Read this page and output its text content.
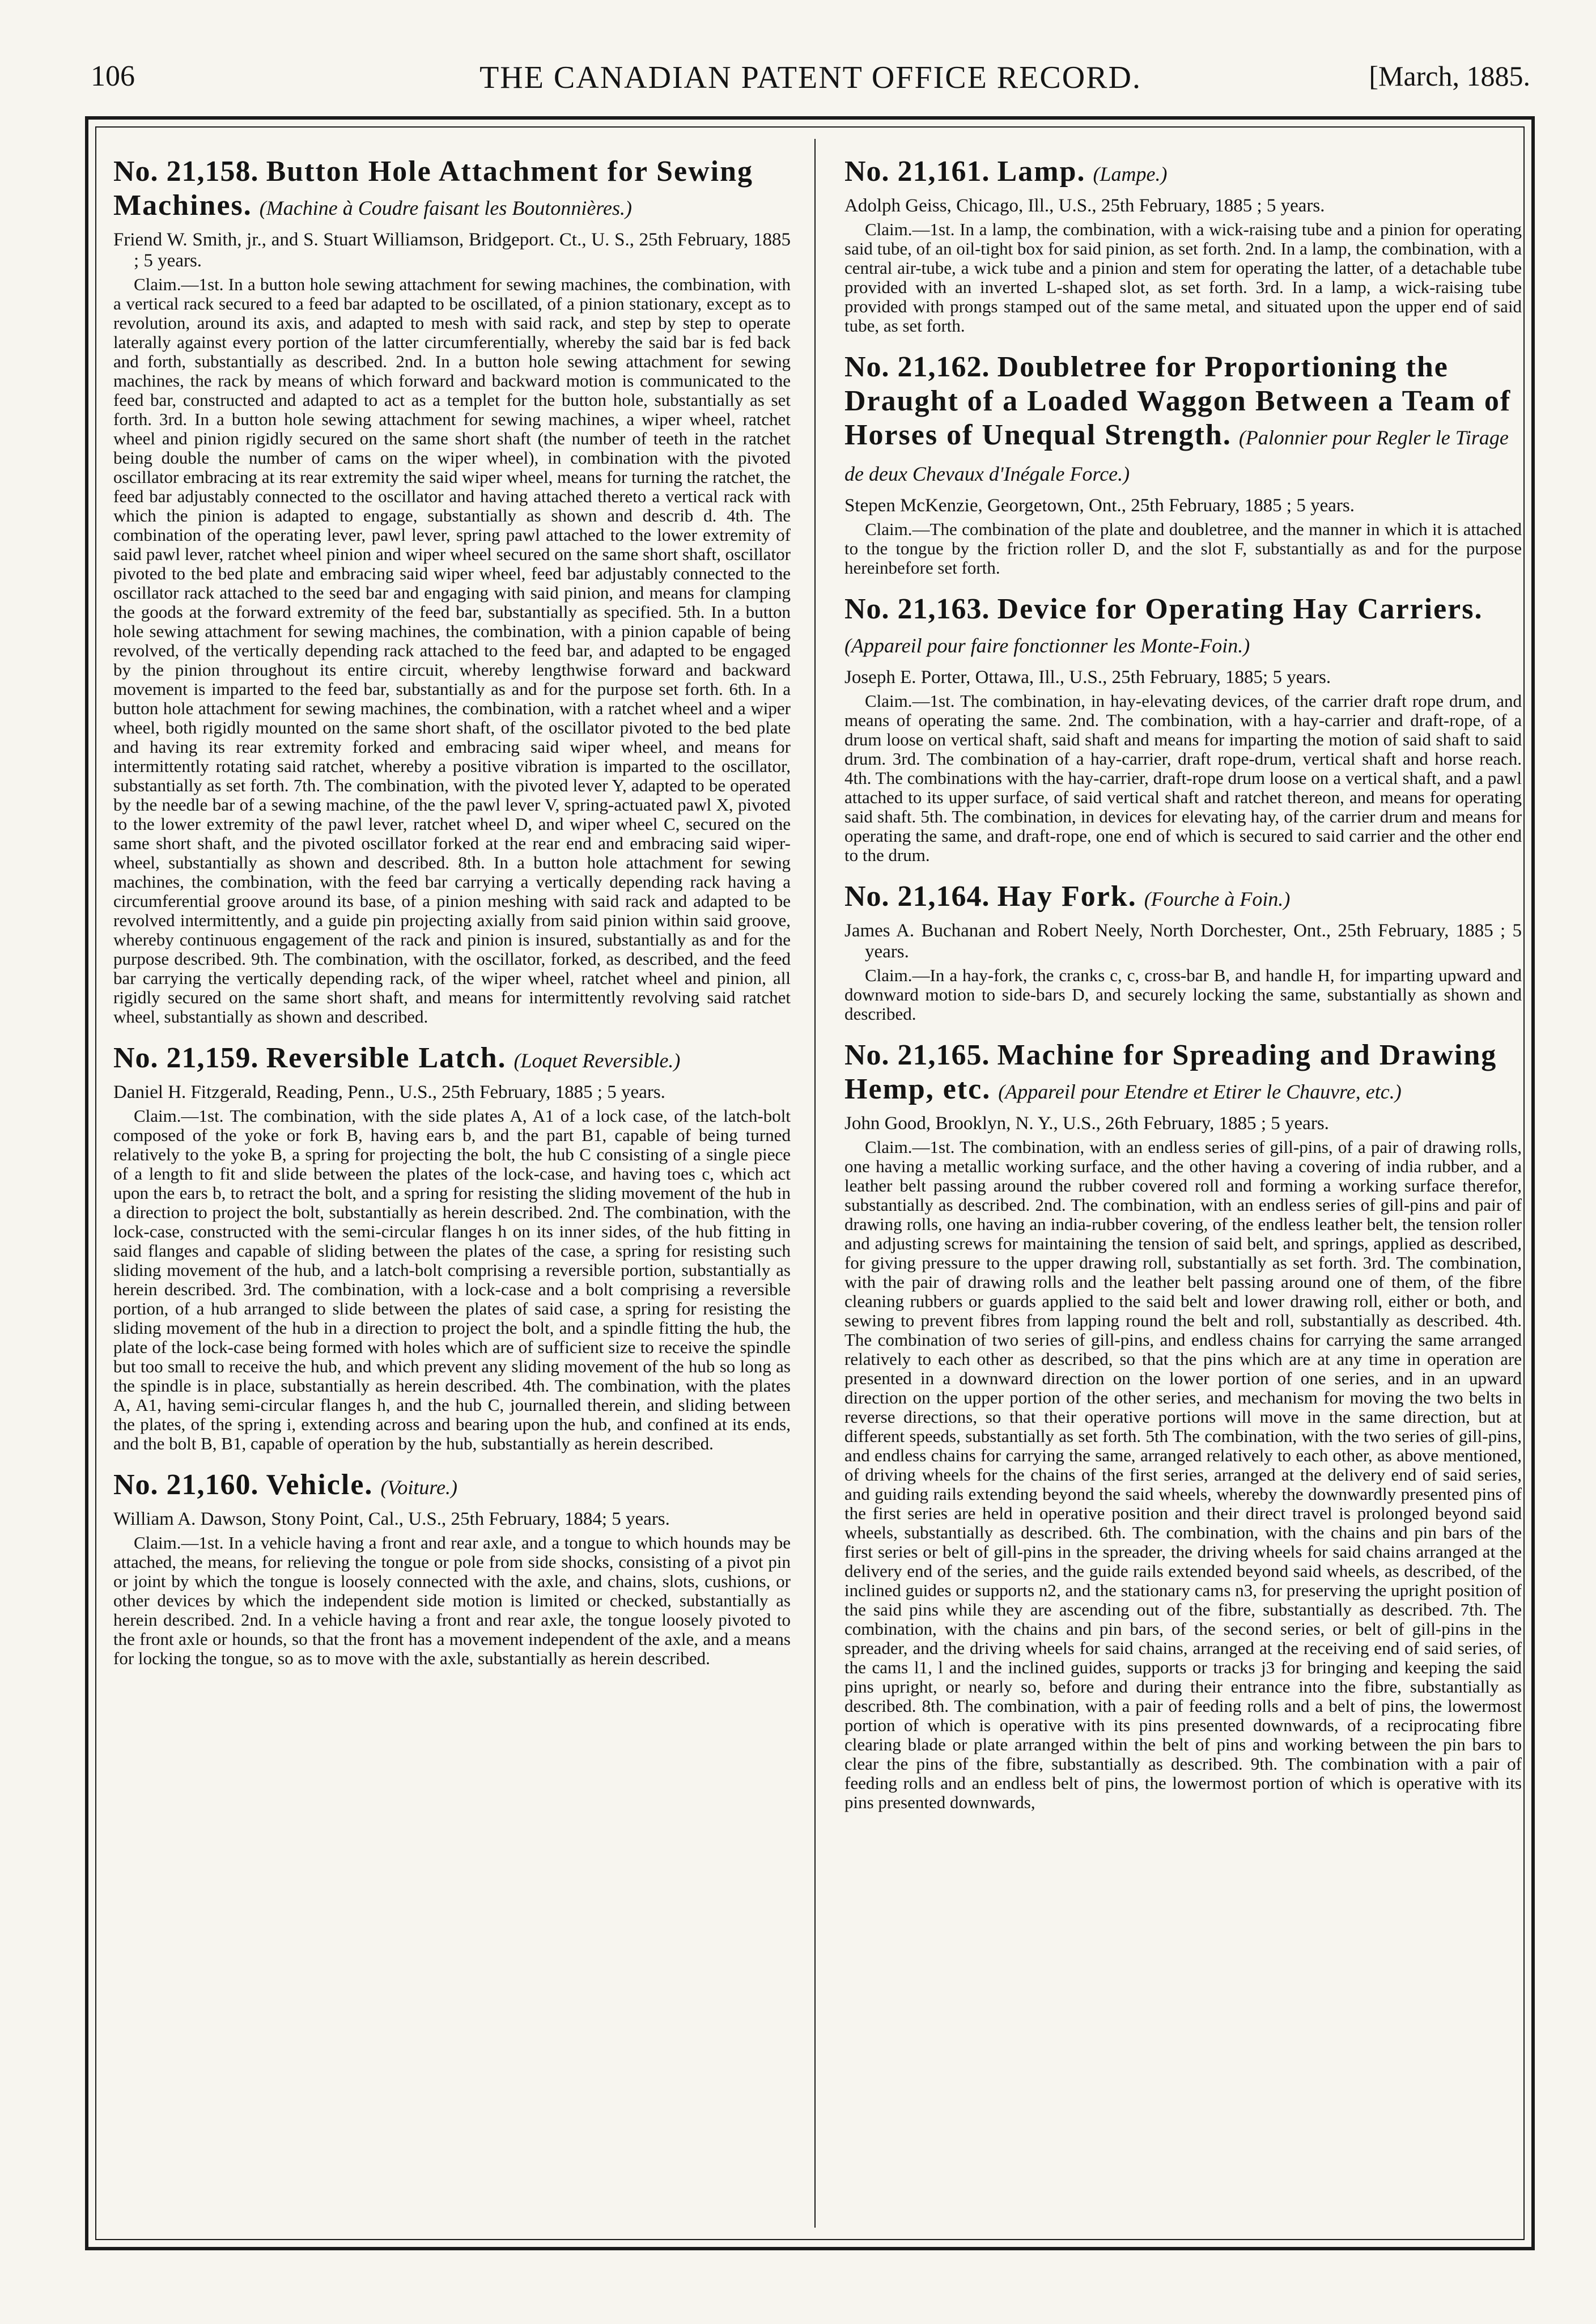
106	THE CANADIAN PATENT OFFICE RECORD.	[March, 1885.
No. 21,158. Button Hole Attachment for Sewing Machines. (Machine à Coudre faisant les Boutonnières.)

Friend W. Smith, jr., and S. Stuart Williamson, Bridgeport. Ct., U. S., 25th February, 1885 ; 5 years.

Claim.—1st. In a button hole sewing attachment for sewing machines, the combination, with a vertical rack secured to a feed bar adapted to be oscillated, of a pinion stationary, except as to revolution, around its axis, and adapted to mesh with said rack, and step by step to operate laterally against every portion of the latter circumferentially, whereby the said bar is fed back and forth, substantially as described. 2nd. In a button hole sewing attachment for sewing machines, the rack by means of which forward and backward motion is communicated to the feed bar, constructed and adapted to act as a templet for the button hole, substantially as set forth. 3rd. In a button hole sewing attachment for sewing machines, a wiper wheel, ratchet wheel and pinion rigidly secured on the same short shaft (the number of teeth in the ratchet being double the number of cams on the wiper wheel), in combination with the pivoted oscillator embracing at its rear extremity the said wiper wheel, means for turning the ratchet, the feed bar adjustably connected to the oscillator and having attached thereto a vertical rack with which the pinion is adapted to engage, substantially as shown and describ d. 4th. The combination of the operating lever, pawl lever, spring pawl attached to the lower extremity of said pawl lever, ratchet wheel pinion and wiper wheel secured on the same short shaft, oscillator pivoted to the bed plate and embracing said wiper wheel, feed bar adjustably connected to the oscillator rack attached to the seed bar and engaging with said pinion, and means for clamping the goods at the forward extremity of the feed bar, substantially as specified. 5th. In a button hole sewing attachment for sewing machines, the combination, with a pinion capable of being revolved, of the vertically depending rack attached to the feed bar, and adapted to be engaged by the pinion throughout its entire circuit, whereby lengthwise forward and backward movement is imparted to the feed bar, substantially as and for the purpose set forth. 6th. In a button hole attachment for sewing machines, the combination, with a ratchet wheel and a wiper wheel, both rigidly mounted on the same short shaft, of the oscillator pivoted to the bed plate and having its rear extremity forked and embracing said wiper wheel, and means for intermittently rotating said ratchet, whereby a positive vibration is imparted to the oscillator, substantially as set forth. 7th. The combination, with the pivoted lever Y, adapted to be operated by the needle bar of a sewing machine, of the the pawl lever V, spring-actuated pawl X, pivoted to the lower extremity of the pawl lever, ratchet wheel D, and wiper wheel C, secured on the same short shaft, and the pivoted oscillator forked at the rear end and embracing said wiper-wheel, substantially as shown and described. 8th. In a button hole attachment for sewing machines, the combination, with the feed bar carrying a vertically depending rack having a circumferential groove around its base, of a pinion meshing with said rack and adapted to be revolved intermittently, and a guide pin projecting axially from said pinion within said groove, whereby continuous engagement of the rack and pinion is insured, substantially as and for the purpose described. 9th. The combination, with the oscillator, forked, as described, and the feed bar carrying the vertically depending rack, of the wiper wheel, ratchet wheel and pinion, all rigidly secured on the same short shaft, and means for intermittently revolving said ratchet wheel, substantially as shown and described.

No. 21,159. Reversible Latch. (Loquet Reversible.)

Daniel H. Fitzgerald, Reading, Penn., U.S., 25th February, 1885 ; 5 years.

Claim.—1st. The combination, with the side plates A, A1 of a lock case, of the latch-bolt composed of the yoke or fork B, having ears b, and the part B1, capable of being turned relatively to the yoke B, a spring for projecting the bolt, the hub C consisting of a single piece of a length to fit and slide between the plates of the lock-case, and having toes c, which act upon the ears b, to retract the bolt, and a spring for resisting the sliding movement of the hub in a direction to project the bolt, substantially as herein described. 2nd. The combination, with the lock-case, constructed with the semi-circular flanges h on its inner sides, of the hub fitting in said flanges and capable of sliding between the plates of the case, a spring for resisting such sliding movement of the hub, and a latch-bolt comprising a reversible portion, substantially as herein described. 3rd. The combination, with a lock-case and a bolt comprising a reversible portion, of a hub arranged to slide between the plates of said case, a spring for resisting the sliding movement of the hub in a direction to project the bolt, and a spindle fitting the hub, the plate of the lock-case being formed with holes which are of sufficient size to receive the spindle but too small to receive the hub, and which prevent any sliding movement of the hub so long as the spindle is in place, substantially as herein described. 4th. The combination, with the plates A, A1, having semi-circular flanges h, and the hub C, journalled therein, and sliding between the plates, of the spring i, extending across and bearing upon the hub, and confined at its ends, and the bolt B, B1, capable of operation by the hub, substantially as herein described.

No. 21,160. Vehicle. (Voiture.)

William A. Dawson, Stony Point, Cal., U.S., 25th February, 1884; 5 years.

Claim.—1st. In a vehicle having a front and rear axle, and a tongue to which hounds may be attached, the means, for relieving the tongue or pole from side shocks, consisting of a pivot pin or joint by which the tongue is loosely connected with the axle, and chains, slots, cushions, or other devices by which the independent side motion is limited or checked, substantially as herein described. 2nd. In a vehicle having a front and rear axle, the tongue loosely pivoted to the front axle or hounds, so that the front has a movement independent of the axle, and a means for locking the tongue, so as to move with the axle, substantially as herein described.

No. 21,161. Lamp. (Lampe.)

Adolph Geiss, Chicago, Ill., U.S., 25th February, 1885 ; 5 years.

Claim.—1st. In a lamp, the combination, with a wick-raising tube and a pinion for operating said tube, of an oil-tight box for said pinion, as set forth. 2nd. In a lamp, the combination, with a central air-tube, a wick tube and a pinion and stem for operating the latter, of a detachable tube provided with an inverted L-shaped slot, as set forth. 3rd. In a lamp, a wick-raising tube provided with prongs stamped out of the same metal, and situated upon the upper end of said tube, as set forth.

No. 21,162. Doubletree for Proportioning the Draught of a Loaded Waggon Between a Team of Horses of Unequal Strength. (Palonnier pour Regler le Tirage de deux Chevaux d'Inégale Force.)

Stepen McKenzie, Georgetown, Ont., 25th February, 1885 ; 5 years.

Claim.—The combination of the plate and doubletree, and the manner in which it is attached to the tongue by the friction roller D, and the slot F, substantially as and for the purpose hereinbefore set forth.

No. 21,163. Device for Operating Hay Carriers. (Appareil pour faire fonctionner les Monte-Foin.)

Joseph E. Porter, Ottawa, Ill., U.S., 25th February, 1885; 5 years.

Claim.—1st. The combination, in hay-elevating devices, of the carrier draft rope drum, and means of operating the same. 2nd. The combination, with a hay-carrier and draft-rope, of a drum loose on vertical shaft, said shaft and means for imparting the motion of said shaft to said drum. 3rd. The combination of a hay-carrier, draft rope-drum, vertical shaft and horse reach. 4th. The combinations with the hay-carrier, draft-rope drum loose on a vertical shaft, and a pawl attached to its upper surface, of said vertical shaft and ratchet thereon, and means for operating said shaft. 5th. The combination, in devices for elevating hay, of the carrier drum and means for operating the same, and draft-rope, one end of which is secured to said carrier and the other end to the drum.

No. 21,164. Hay Fork. (Fourche à Foin.)

James A. Buchanan and Robert Neely, North Dorchester, Ont., 25th February, 1885 ; 5 years.

Claim.—In a hay-fork, the cranks c, c, cross-bar B, and handle H, for imparting upward and downward motion to side-bars D, and securely locking the same, substantially as shown and described.

No. 21,165. Machine for Spreading and Drawing Hemp, etc. (Appareil pour Etendre et Etirer le Chauvre, etc.)

John Good, Brooklyn, N. Y., U.S., 26th February, 1885 ; 5 years.

Claim.—1st. The combination, with an endless series of gill-pins, of a pair of drawing rolls, one having a metallic working surface, and the other having a covering of india rubber, and a leather belt passing around the rubber covered roll and forming a working surface therefor, substantially as described. 2nd. The combination, with an endless series of gill-pins and pair of drawing rolls, one having an india-rubber covering, of the endless leather belt, the tension roller and adjusting screws for maintaining the tension of said belt, and springs, applied as described, for giving pressure to the upper drawing roll, substantially as set forth. 3rd. The combination, with the pair of drawing rolls and the leather belt passing around one of them, of the fibre cleaning rubbers or guards applied to the said belt and lower drawing roll, either or both, and sewing to prevent fibres from lapping round the belt and roll, substantially as described. 4th. The combination of two series of gill-pins, and endless chains for carrying the same arranged relatively to each other as described, so that the pins which are at any time in operation are presented in a downward direction on the lower portion of one series, and in an upward direction on the upper portion of the other series, and mechanism for moving the two belts in reverse directions, so that their operative portions will move in the same direction, but at different speeds, substantially as set forth. 5th The combination, with the two series of gill-pins, and endless chains for carrying the same, arranged relatively to each other, as above mentioned, of driving wheels for the chains of the first series, arranged at the delivery end of said series, and guiding rails extending beyond the said wheels, whereby the downwardly presented pins of the first series are held in operative position and their direct travel is prolonged beyond said wheels, substantially as described. 6th. The combination, with the chains and pin bars of the first series or belt of gill-pins in the spreader, the driving wheels for said chains arranged at the delivery end of the series, and the guide rails extended beyond said wheels, as described, of the inclined guides or supports n2, and the stationary cams n3, for preserving the upright position of the said pins while they are ascending out of the fibre, substantially as described. 7th. The combination, with the chains and pin bars, of the second series, or belt of gill-pins in the spreader, and the driving wheels for said chains, arranged at the receiving end of said series, of the cams l1, l and the inclined guides, supports or tracks j3 for bringing and keeping the said pins upright, or nearly so, before and during their entrance into the fibre, substantially as described. 8th. The combination, with a pair of feeding rolls and a belt of pins, the lowermost portion of which is operative with its pins presented downwards, of a reciprocating fibre clearing blade or plate arranged within the belt of pins and working between the pin bars to clear the pins of the fibre, substantially as described. 9th. The combination with a pair of feeding rolls and an endless belt of pins, the lowermost portion of which is operative with its pins presented downwards,
